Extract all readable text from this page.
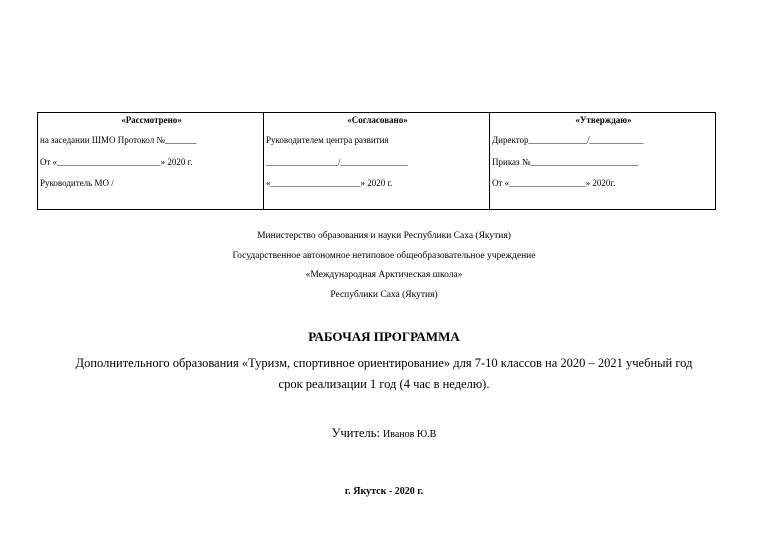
«Рассмотрено»	«Согласовано»	«Утверждаю»
на заседании ШМО Протокол №_______	Руководителем центра развития	Директор_____________/____________
От «_______________________» 2020 г.	________________/_______________	Приказ №________________________
Руководитель МО /	«____________________» 2020 г.	От «_________________» 2020г.
Министерство образования и науки Республики Саха (Якутия)
Государственное автономное нетиповое общеобразовательное учреждение
«Международная Арктическая школа»
Республики Саха (Якутия)
РАБОЧАЯ ПРОГРАММА
Дополнительного образования «Туризм, спортивное ориентирование» для 7-10 классов на 2020 – 2021 учебный год
срок реализации 1 год (4 час в неделю).
Учитель: Иванов Ю.В
г. Якутск - 2020 г.
